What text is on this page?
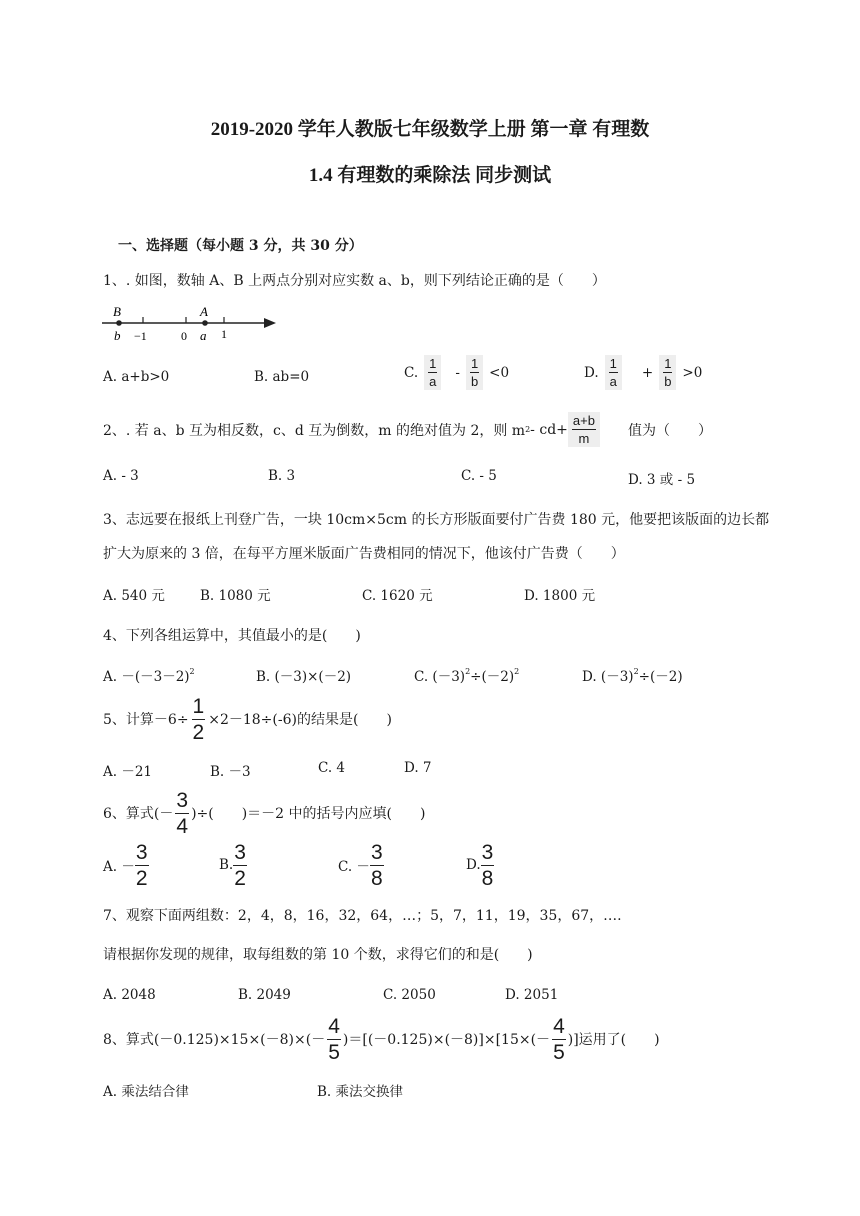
2019-2020 学年人教版七年级数学上册 第一章 有理数
1.4 有理数的乘除法 同步测试
一、选择题（每小题 3 分，共 30 分）
1、. 如图，数轴 A、B 上两点分别对应实数 a、b，则下列结论正确的是（　　）
B
b −1	0
A
a 1
A. a+b>0	B. ab=0	C. $\frac{1}{a} - \frac{1}{b} <0$	D. $\frac{1}{a} + \frac{1}{b} >0$
2、. 若 a、b 互为相反数，c、d 互为倒数，m 的绝对值为 2，则 m $2 - cd+ \frac{a+b}{m}$ 值为（　　）
A. - 3	B. 3	C. - 5	D. 3 或 - 5
3、志远要在报纸上刊登广告，一块 10cm×5cm 的长方形版面要付广告费 180 元，他要把该版面的边长都
扩大为原来的 3 倍，在每平方厘米版面广告费相同的情况下，他该付广告费（　　）
A. 540 元	B. 1080 元	C. 1620 元	D. 1800 元
4、下列各组运算中，其值最小的是(　　)
A. $-(-3-2)^2$	B. (－3)×(－2)	C. $(-3)^2\div(-2)^2$	D. $(-3)^2\div(-2)$
5、计算$-6\div \frac{1}{2} \times 2-18\div(-6)$的结果是(　　)
A. －21	B. －3	C. 4	D. 7
6、算式(－ $\frac{3}{4}$ )÷(　　)＝－2 中的括号内应填(　　)
A. － $\frac{3}{2}$	B. $\frac{3}{2}$	C. － $\frac{3}{8}$	D. $\frac{3}{8}$
7、观察下面两组数：2，4，8，16，32，64，…；5，7，11，19，35，67，….
请根据你发现的规律，取每组数的第 10 个数，求得它们的和是(　　)
A. 2048	B. 2049	C. 2050	D. 2051
8、算式$(-0.125)\times 15\times(-8)\times(- \frac{4}{5} )=[(-0.125)\times(-8)]\times[15\times(- \frac{4}{5}$ )]运用了(　　)
A. 乘法结合律	B. 乘法交换律
